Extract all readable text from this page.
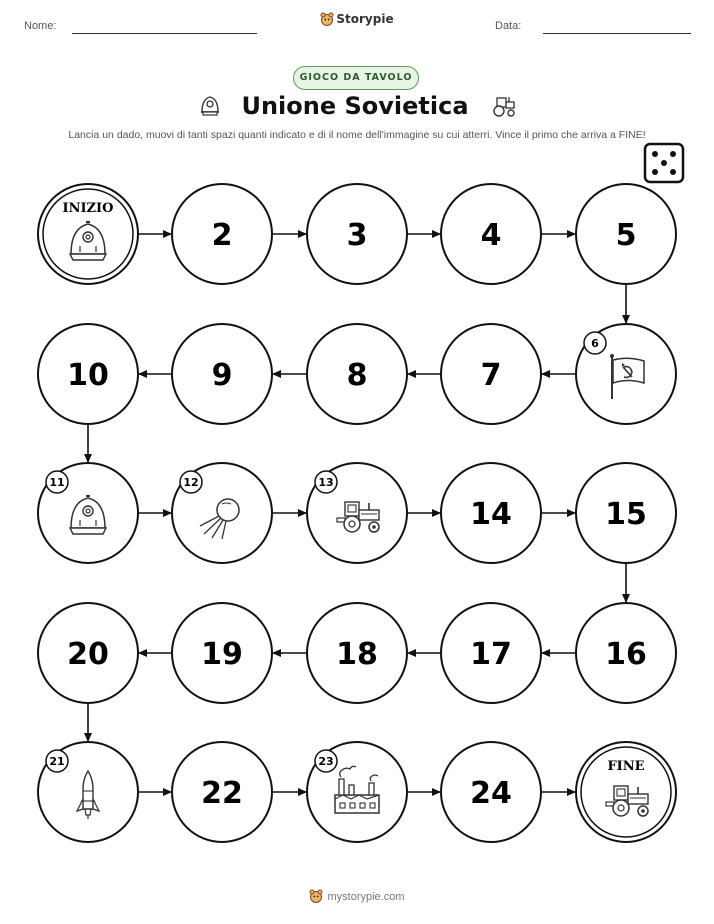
Nome:	Data:
Storypie
GIOCO DA TAVOLO
Unione Sovietica
Lancia un dado, muovi di tanti spazi quanti indicato e di il nome dell'immagine su cui atterri. Vince il primo che arriva a FINE!
INIZIO
2	3	4	5
6
7
8
9
10
11	12	13
14	15
16
17
18
19
20
21
22
23
24
FINE
mystorypie.com
